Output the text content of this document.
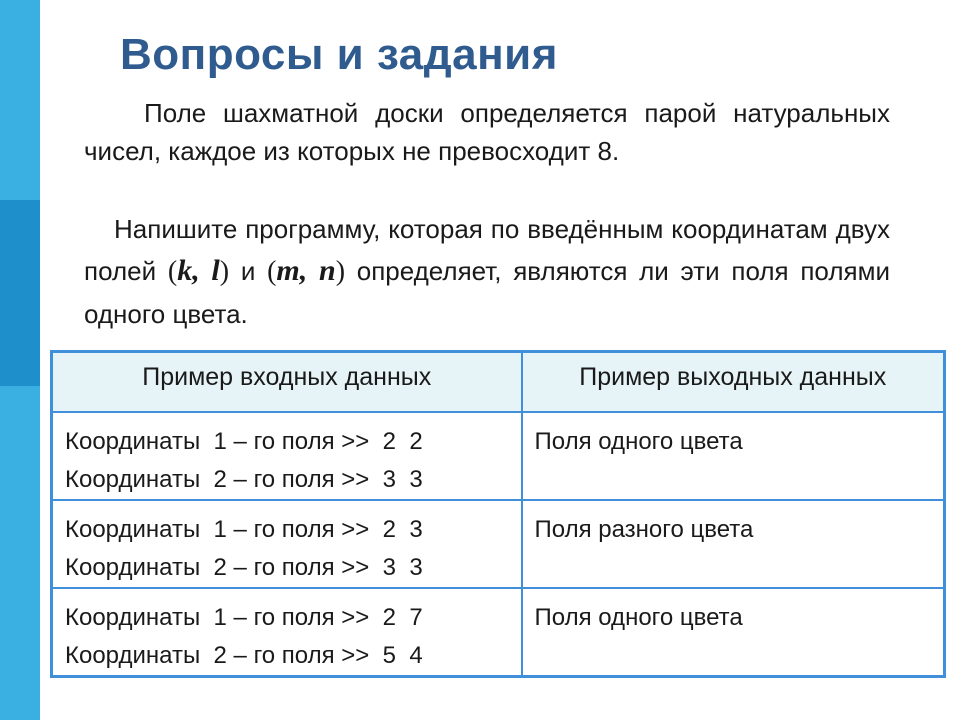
Вопросы и задания
Поле шахматной доски определяется парой натуральных чисел, каждое из которых не превосходит 8.
Напишите программу, которая по введённым координатам двух полей (k, l) и (m, n) определяет, являются ли эти поля полями одного цвета.
Пример входных данных	Пример выходных данных

Координаты  1 – го поля >>  2  2
Координаты  2 – го поля >>  3  3	Поля одного цвета

Координаты  1 – го поля >>  2  3
Координаты  2 – го поля >>  3  3	Поля разного цвета

Координаты  1 – го поля >>  2  7
Координаты  2 – го поля >>  5  4	Поля одного цвета
